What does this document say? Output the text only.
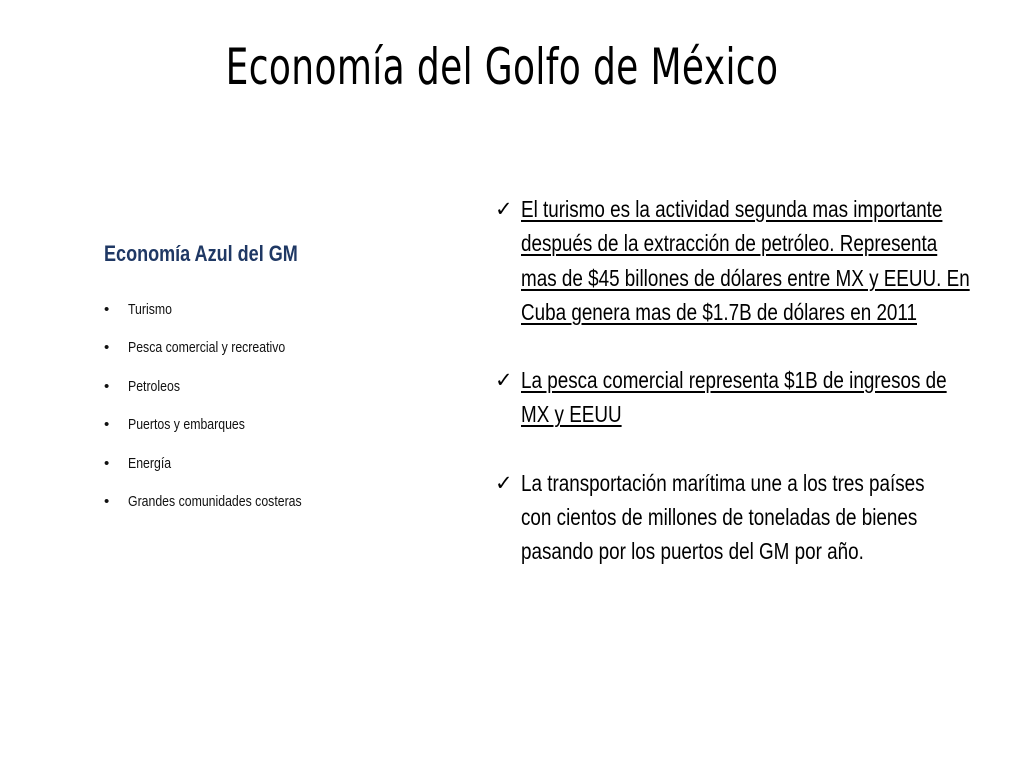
Economía del Golfo de México
Economía Azul del GM
• Turismo
• Pesca comercial y recreativo
• Petroleos
• Puertos y embarques
• Energía
• Grandes comunidades costeras
✓ El turismo es la actividad segunda mas importante
después de la extracción de petróleo. Representa
mas de $45 billones de dólares entre MX y EEUU. En
Cuba genera mas de $1.7B de dólares en 2011
✓ La pesca comercial representa $1B de ingresos de
MX y EEUU
✓ La transportación marítima une a los tres países
con cientos de millones de toneladas de bienes
pasando por los puertos del GM por año.
